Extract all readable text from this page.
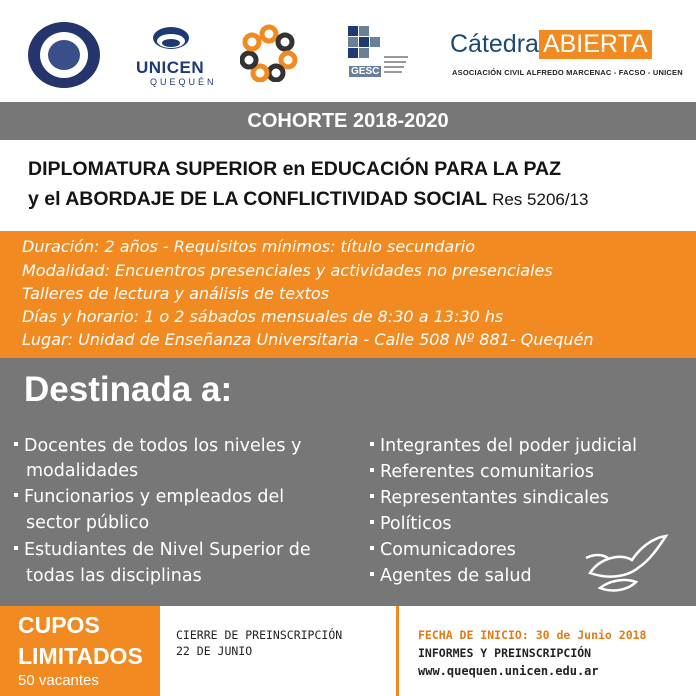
UNICEN
QUEQUÉN
GESC
Cátedra ABIERTA
ASOCIACIÓN CIVIL ALFREDO MARCENAC - FACSO - UNICEN
COHORTE 2018-2020
DIPLOMATURA SUPERIOR en EDUCACIÓN PARA LA PAZ
y el ABORDAJE DE LA CONFLICTIVIDAD SOCIAL Res 5206/13
Duración: 2 años - Requisitos mínimos: título secundario
Modalidad: Encuentros presenciales y actividades no presenciales
Talleres de lectura y análisis de textos
Días y horario: 1 o 2 sábados mensuales de 8:30 a 13:30 hs
Lugar: Unidad de Enseñanza Universitaria - Calle 508 Nº 881- Quequén
Destinada a:
Docentes de todos los niveles y
modalidades
Funcionarios y empleados del
sector público
Estudiantes de Nivel Superior de
todas las disciplinas
Integrantes del poder judicial
Referentes comunitarios
Representantes sindicales
Políticos
Comunicadores
Agentes de salud
CUPOS
LIMITADOS
50 vacantes
CIERRE DE PREINSCRIPCIÓN
22 DE JUNIO
FECHA DE INICIO: 30 de Junio 2018
INFORMES Y PREINSCRIPCIÓN
www.quequen.unicen.edu.ar
